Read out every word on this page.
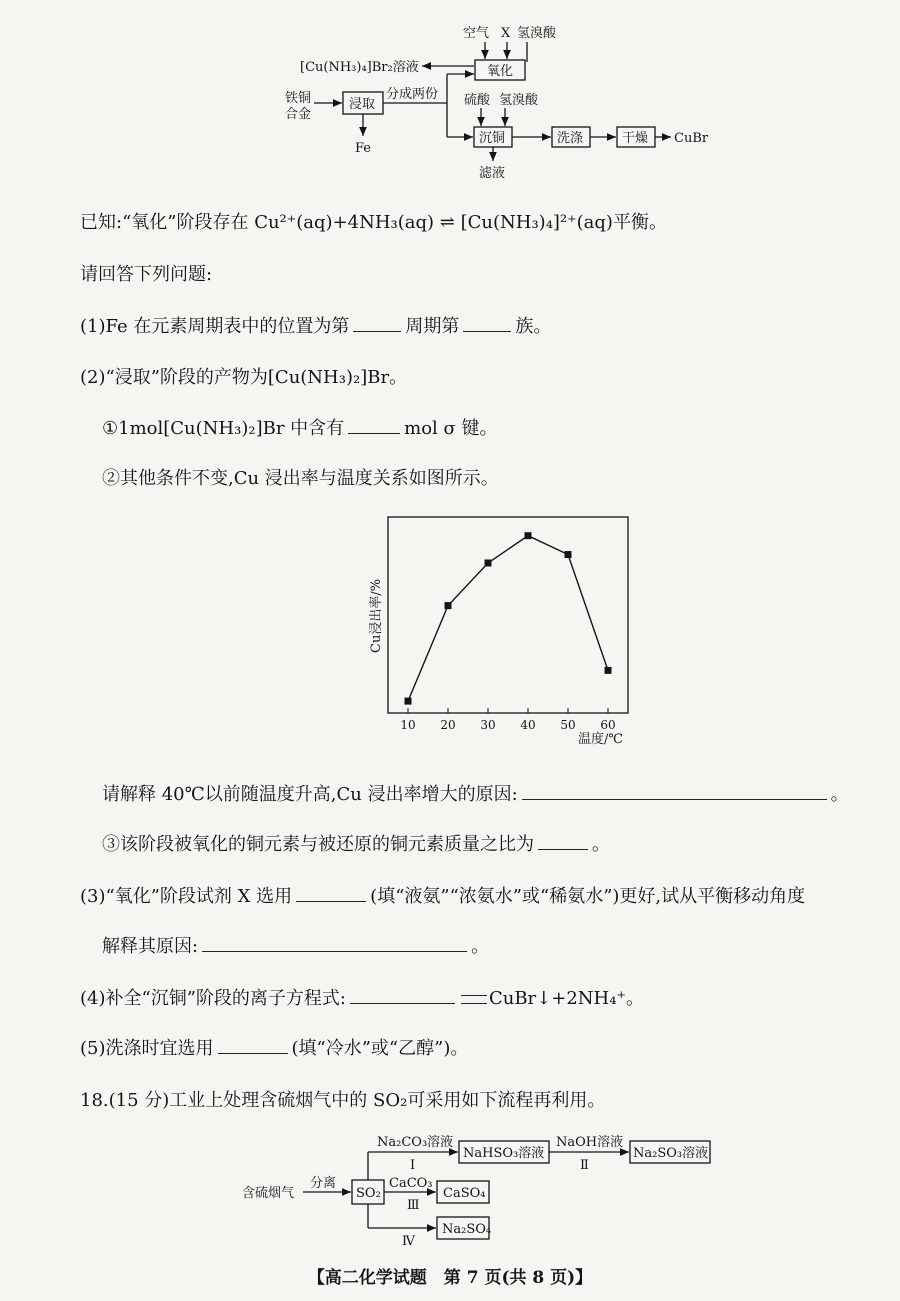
空气 X 氢溴酸
[Cu(NH₃)₄]Br₂溶液	氧化
铁铜
合金
浸取
分成两份 硫酸 氢溴酸
Fe
沉铜	洗涤	干燥 CuBr
滤液
已知:“氧化”阶段存在 Cu²⁺(aq)+4NH₃(aq) ⇌ [Cu(NH₃)₄]²⁺(aq)平衡。
请回答下列问题:
(1)Fe 在元素周期表中的位置为第	周期第	族。
(2)“浸取”阶段的产物为[Cu(NH₃)₂]Br。
①1mol[Cu(NH₃)₂]Br 中含有	mol σ 键。
②其他条件不变,Cu 浸出率与温度关系如图所示。
10 20 30 40 50 60
温度/℃
Cu浸出率/%
请解释 40℃以前随温度升高,Cu 浸出率增大的原因:	。
③该阶段被氧化的铜元素与被还原的铜元素质量之比为	。
(3)“氧化”阶段试剂 X 选用	(填“液氨”“浓氨水”或“稀氨水”)更好,试从平衡移动角度
解释其原因:	。
(4)补全“沉铜”阶段的离子方程式:	CuBr↓+2NH₄⁺。
(5)洗涤时宜选用	(填“冷水”或“乙醇”)。
18.(15 分)工业上处理含硫烟气中的 SO₂可采用如下流程再利用。
含硫烟气
分离
SO₂
Na₂CO₃溶液
Ⅰ
NaHSO₃溶液
NaOH溶液
Ⅱ
Na₂SO₃溶液
CaCO₃
Ⅲ
CaSO₄
Ⅳ
Na₂SO₄
【高二化学试题　第 7 页(共 8 页)】
